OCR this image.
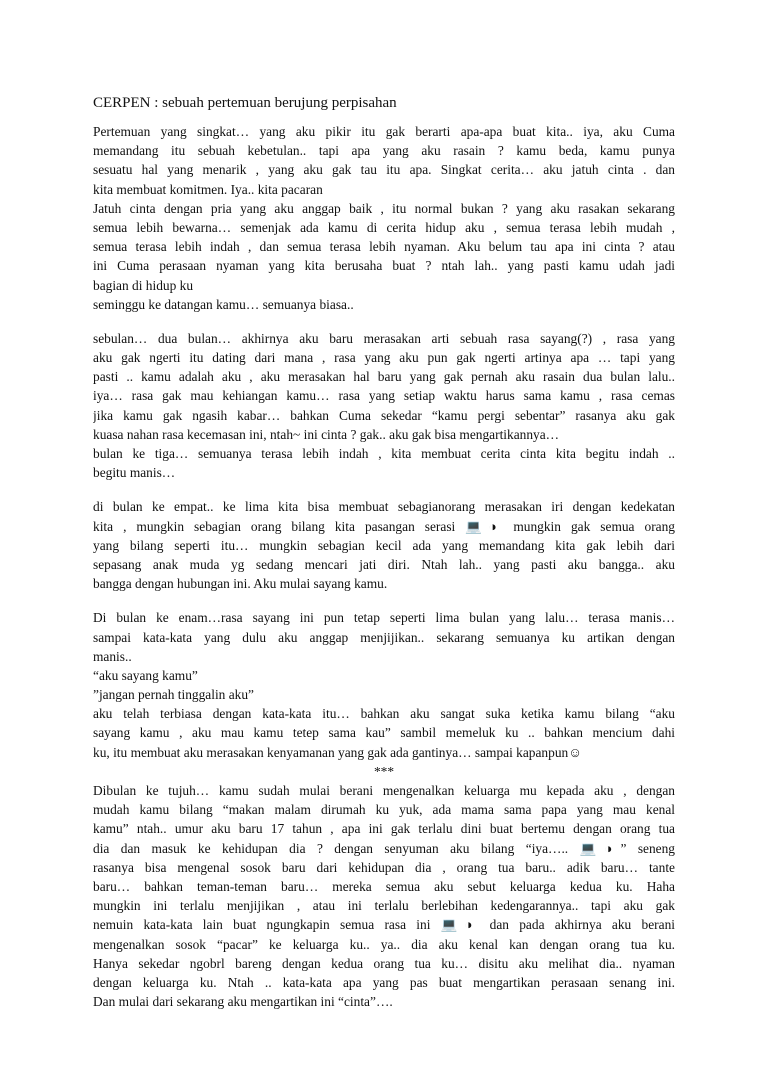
CERPEN : sebuah pertemuan berujung perpisahan
Pertemuan yang singkat… yang aku pikir itu gak berarti apa-apa buat kita.. iya, aku Cuma
memandang itu sebuah kebetulan.. tapi apa yang aku rasain ? kamu beda, kamu punya
sesuatu hal yang menarik , yang aku gak tau itu apa. Singkat cerita… aku jatuh cinta . dan
kita membuat komitmen. Iya.. kita pacaran
Jatuh cinta dengan pria yang aku anggap baik , itu normal bukan ? yang aku rasakan sekarang
semua lebih bewarna… semenjak ada kamu di cerita hidup aku , semua terasa lebih mudah ,
semua terasa lebih indah , dan semua terasa lebih nyaman. Aku belum tau apa ini cinta ? atau
ini Cuma perasaan nyaman yang kita berusaha buat ? ntah lah.. yang pasti kamu udah jadi
bagian di hidup ku
seminggu ke datangan kamu… semuanya biasa..
sebulan… dua bulan… akhirnya aku baru merasakan arti sebuah rasa sayang(?) , rasa yang
aku gak ngerti itu dating dari mana , rasa yang aku pun gak ngerti artinya apa … tapi yang
pasti .. kamu adalah aku , aku merasakan hal baru yang gak pernah aku rasain dua bulan lalu..
iya… rasa gak mau kehiangan kamu… rasa yang setiap waktu harus sama kamu , rasa cemas
jika kamu gak ngasih kabar… bahkan Cuma sekedar “kamu pergi sebentar” rasanya aku gak
kuasa nahan rasa kecemasan ini, ntah~ ini cinta ? gak.. aku gak bisa mengartikannya…
bulan ke tiga… semuanya terasa lebih indah , kita membuat cerita cinta kita begitu indah ..
begitu manis…
di bulan ke empat.. ke lima kita bisa membuat sebagianorang merasakan iri dengan kedekatan
kita , mungkin sebagian orang bilang kita pasangan serasi 💻◑ mungkin gak semua orang
yang bilang seperti itu… mungkin sebagian kecil ada yang memandang kita gak lebih dari
sepasang anak muda yg sedang mencari jati diri. Ntah lah.. yang pasti aku bangga.. aku
bangga dengan hubungan ini. Aku mulai sayang kamu.
Di bulan ke enam…rasa sayang ini pun tetap seperti lima bulan yang lalu… terasa manis…
sampai kata-kata yang dulu aku anggap menjijikan.. sekarang semuanya ku artikan dengan
manis..
“aku sayang kamu”
”jangan pernah tinggalin aku”
aku telah terbiasa dengan kata-kata itu… bahkan aku sangat suka ketika kamu bilang “aku
sayang kamu , aku mau kamu tetep sama kau” sambil memeluk ku .. bahkan mencium dahi
ku, itu membuat aku merasakan kenyamanan yang gak ada gantinya… sampai kapanpun☺
***
Dibulan ke tujuh… kamu sudah mulai berani mengenalkan keluarga mu kepada aku , dengan
mudah kamu bilang “makan malam dirumah ku yuk, ada mama sama papa yang mau kenal
kamu” ntah.. umur aku baru 17 tahun , apa ini gak terlalu dini buat bertemu dengan orang tua
dia dan masuk ke kehidupan dia ? dengan senyuman aku bilang “iya….. 💻◑” seneng
rasanya bisa mengenal sosok baru dari kehidupan dia , orang tua baru.. adik baru… tante
baru… bahkan teman-teman baru… mereka semua aku sebut keluarga kedua ku. Haha
mungkin ini terlalu menjijikan , atau ini terlalu berlebihan kedengarannya.. tapi aku gak
nemuin kata-kata lain buat ngungkapin semua rasa ini 💻◑ dan pada akhirnya aku berani
mengenalkan sosok “pacar” ke keluarga ku.. ya.. dia aku kenal kan dengan orang tua ku.
Hanya sekedar ngobrl bareng dengan kedua orang tua ku… disitu aku melihat dia.. nyaman
dengan keluarga ku. Ntah .. kata-kata apa yang pas buat mengartikan perasaan senang ini.
Dan mulai dari sekarang aku mengartikan ini “cinta”….
